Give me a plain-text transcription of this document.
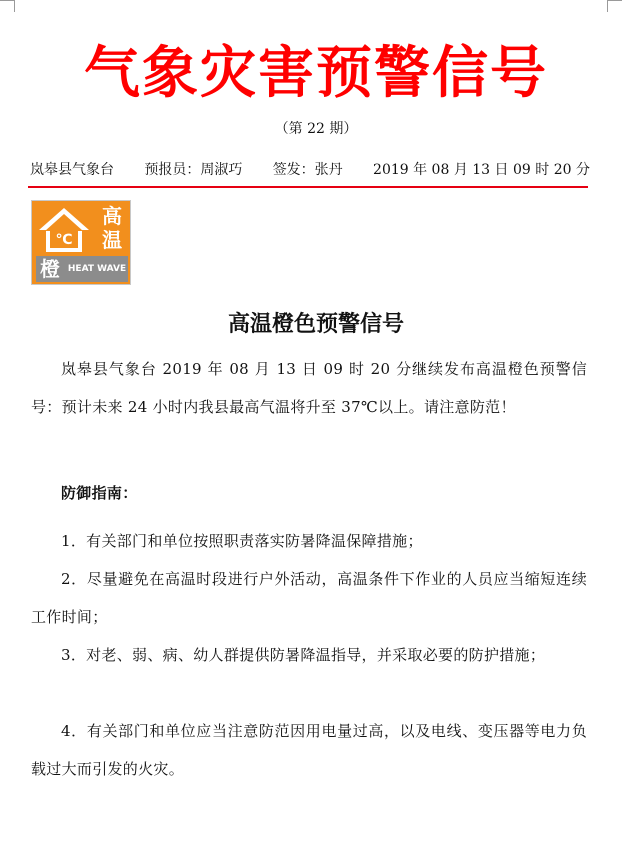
气象灾害预警信号
（第 22 期）
岚皋县气象台 预报员：周淑巧 签发：张丹 2019 年 08 月 13 日 09 时 20 分
℃
高
温
橙 HEAT WAVE
高温橙色预警信号
岚皋县气象台 2019 年 08 月 13 日 09 时 20 分继续发布高温橙色预警信号：预计未来 24 小时内我县最高气温将升至 37℃以上。请注意防范！
防御指南：
1．有关部门和单位按照职责落实防暑降温保障措施；
2．尽量避免在高温时段进行户外活动，高温条件下作业的人员应当缩短连续工作时间；
3．对老、弱、病、幼人群提供防暑降温指导，并采取必要的防护措施；
4．有关部门和单位应当注意防范因用电量过高，以及电线、变压器等电力负载过大而引发的火灾。
